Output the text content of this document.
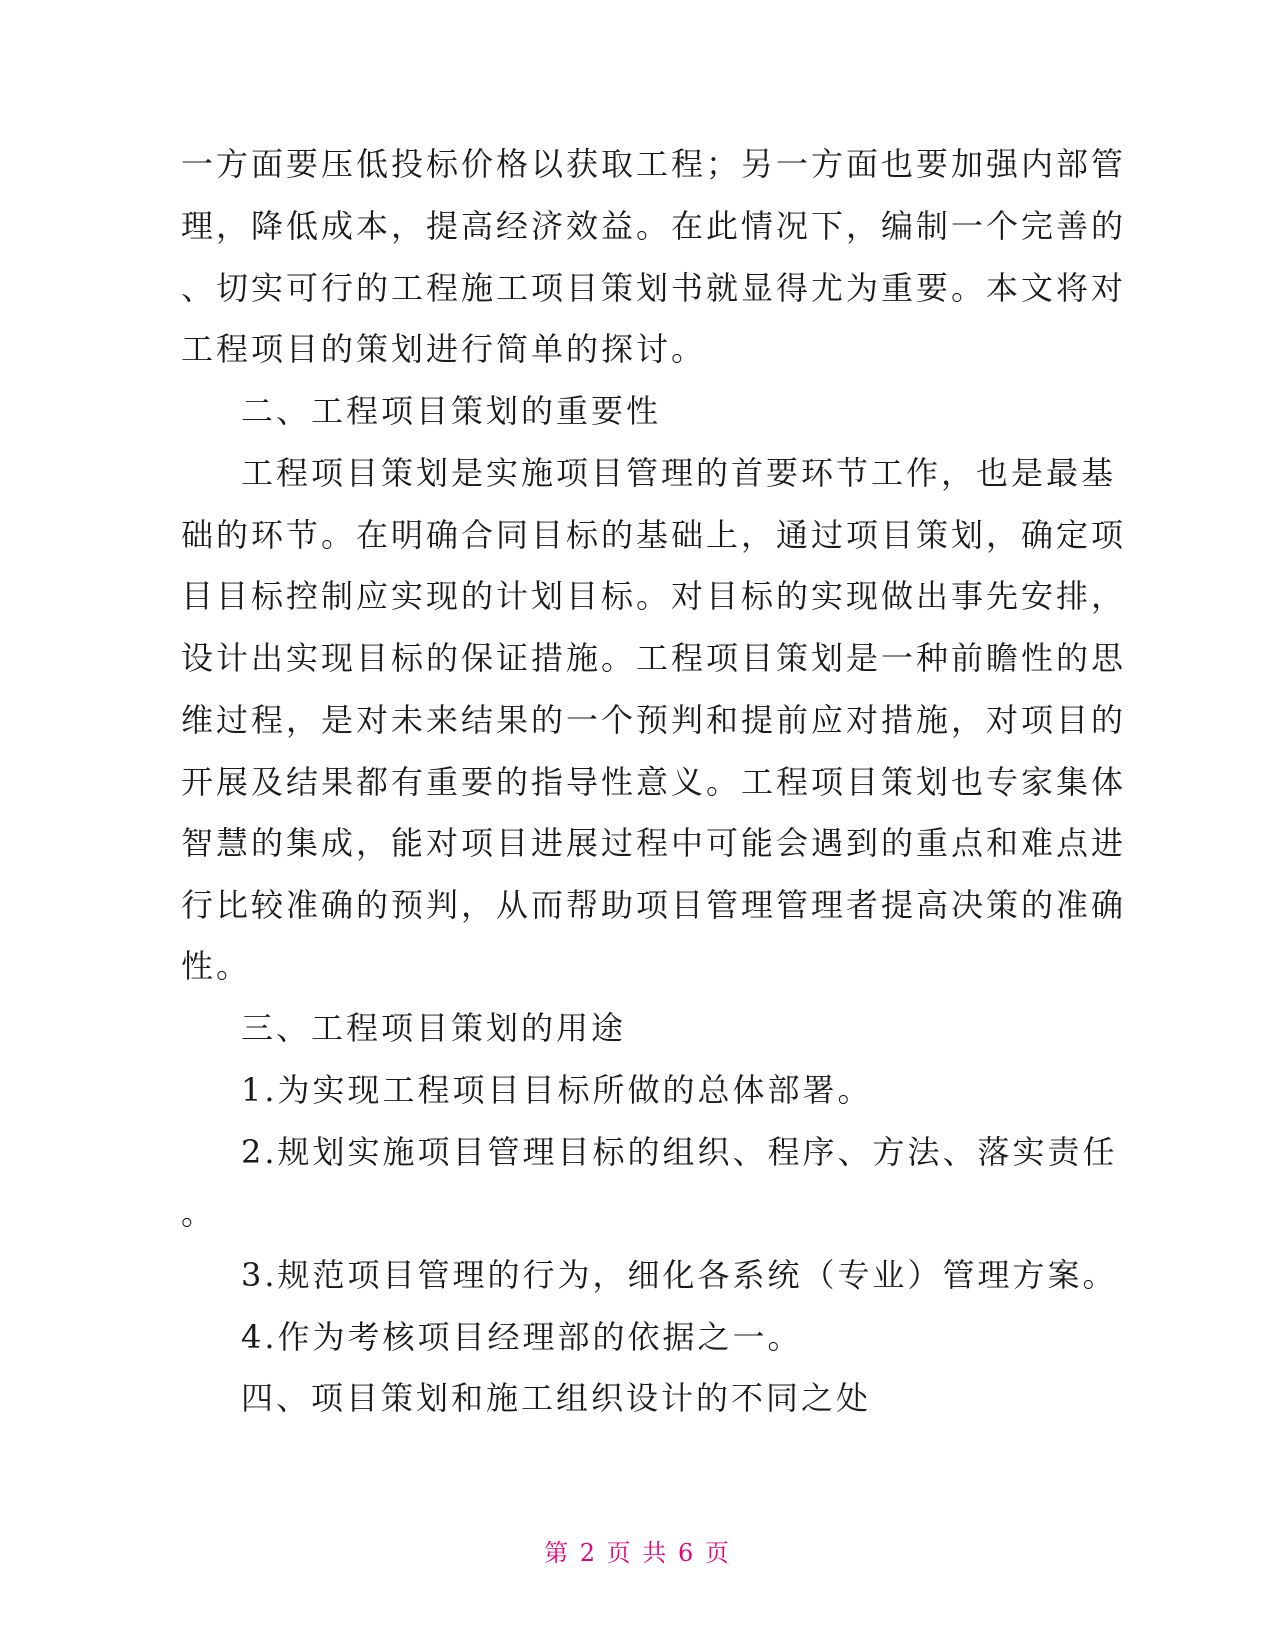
一方面要压低投标价格以获取工程；另一方面也要加强内部管
理，降低成本，提高经济效益。在此情况下，编制一个完善的
、切实可行的工程施工项目策划书就显得尤为重要。本文将对
工程项目的策划进行简单的探讨。
二、工程项目策划的重要性
工程项目策划是实施项目管理的首要环节工作，也是最基
础的环节。在明确合同目标的基础上，通过项目策划，确定项
目目标控制应实现的计划目标。对目标的实现做出事先安排，
设计出实现目标的保证措施。工程项目策划是一种前瞻性的思
维过程，是对未来结果的一个预判和提前应对措施，对项目的
开展及结果都有重要的指导性意义。工程项目策划也专家集体
智慧的集成，能对项目进展过程中可能会遇到的重点和难点进
行比较准确的预判，从而帮助项目管理管理者提高决策的准确
性。
三、工程项目策划的用途
1.为实现工程项目目标所做的总体部署。
2.规划实施项目管理目标的组织、程序、方法、落实责任
。
3.规范项目管理的行为，细化各系统（专业）管理方案。
4.作为考核项目经理部的依据之一。
四、项目策划和施工组织设计的不同之处
第 2 页 共 6 页
